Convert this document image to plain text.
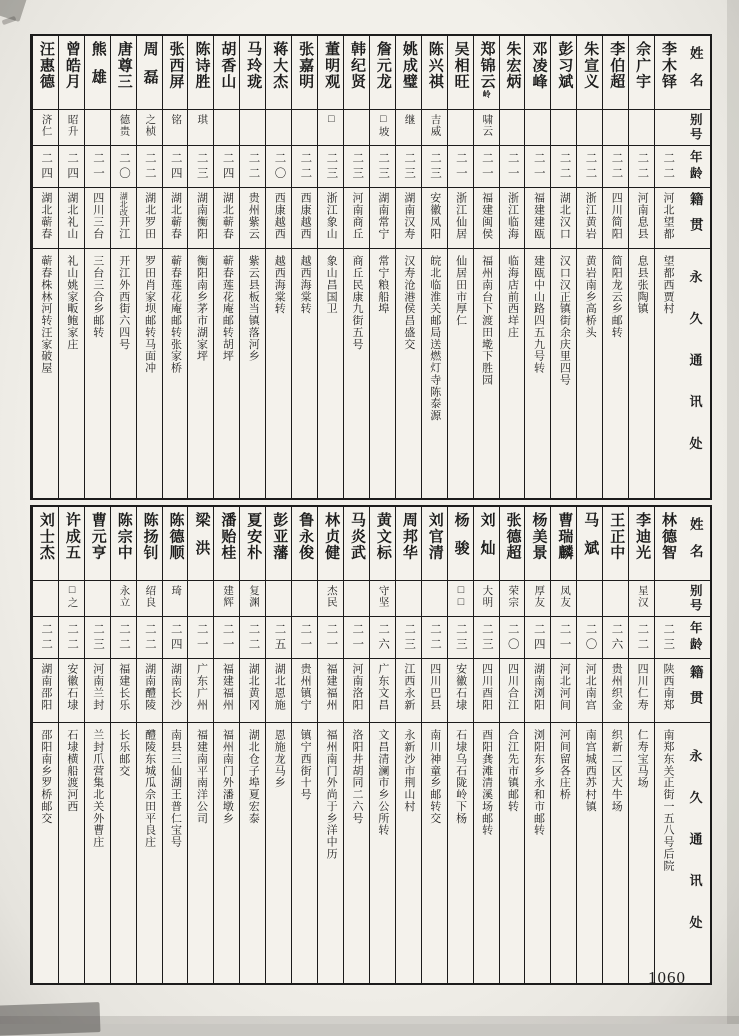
姓名
别号
年龄
籍贯
永久通讯处
李木铎
二二
河北望都
望都西贾村
佘广宇
二二
河南息县
息县张陶镇
李伯超
二二
四川简阳
简阳龙云乡邮转
朱宣义
二二
浙江黄岩
黄岩南乡高桥头
彭习斌
二二
湖北汉口
汉口汉正镇街余庆里四号
邓凌峰
二一
福建建瓯
建瓯中山路四五九号转
朱宏炳
二一
浙江临海
临海店前西垟庄
郑锦云
岭
啸云
二一
福建闽侯
福州南台下渡田墘下胜园
吴相旺
二一
浙江仙居
仙居田市厚仁
陈兴祺
吉威
二三
安徽凤阳
皖北临淮关邮局送燃灯寺陈泰源
姚成璧
继
二三
湖南汉寿
汉寿沧港侯昌盛交
詹元龙
□坡
二三
湖南常宁
常宁粮船埠
韩纪贤
二三
河南商丘
商丘民康九街五号
董明观
□
二三
浙江象山
象山昌国卫
张嘉明
二二
西康越西
越西海棠转
蒋大杰
二〇
西康越西
越西海棠转
马玲珑
二二
贵州紫云
紫云县板当镇落河乡
胡香山
二四
湖北蕲春
蕲春莲花庵邮转胡坪
陈诗胜
琪
二三
湖南衡阳
衡阳南乡茅市湖家坪
张西屏
铭
二四
湖北蕲春
蕲春莲花庵邮转张家桥
周磊
之桢
二二
湖北罗田
罗田肖家坝邮转马面冲
唐尊三
德贵
二〇
湖北改
开江
开江外西街六四号
熊雄
二一
四川三台
三台三合乡邮转
曾皓月
昭升
二四
湖北礼山
礼山姚家畈鲍家庄
汪惠德
济仁
二四
湖北蕲春
蕲春株林河转汪家破屋
姓名
别号
年龄
籍贯
永久通讯处
林德智
二三
陕西南郑
南郑东关正街一五八号后院
李迪光
星汉
二二
四川仁寿
仁寿宝马场
王正中
二六
贵州织金
织新二区大牛场
马斌
二〇
河北南宫
南宫城西苏村镇
曹瑞麟
凤友
二一
河北河间
河间留各庄桥
杨美景
厚友
二四
湖南浏阳
浏阳东乡永和市邮转
张德超
荣宗
二〇
四川合江
合江先市镇邮转
刘灿
大明
二三
四川酉阳
酉阳龚滩清溪场邮转
杨骏
□□
二三
安徽石埭
石埭乌石陇岭下杨
刘官清
二二
四川巴县
南川神童乡邮转交
周邦华
二三
江西永新
永新沙市荆山村
黄文标
守坚
二六
广东文昌
文昌清澜市乡公所转
马炎武
二一
河南洛阳
洛阳井胡同二六号
林贞健
杰民
二一
福建福州
福州南门外尚于乡洋中历
鲁永俊
二一
贵州镇宁
镇宁西街十号
彭亚藩
二五
湖北恩施
恩施龙马乡
夏安朴
复渊
二二
湖北黄冈
湖北仓子埠夏宏泰
潘贻桂
建辉
二一
福建福州
福州南门外潘墩乡
梁洪
二一
广东广州
福建南平南洋公司
陈德顺
琦
二四
湖南长沙
南县三仙湖王普仁宝号
陈扬钊
绍良
二二
湖南醴陵
醴陵东城瓜佘田平良庄
陈宗中
永立
二二
福建长乐
长乐邮交
曹元亨
二三
河南兰封
兰封爪营集北关外曹庄
许成五
□之
二二
安徽石埭
石埭横船渡河西
刘士杰
二二
湖南邵阳
邵阳南乡罗桥邮交
1060
